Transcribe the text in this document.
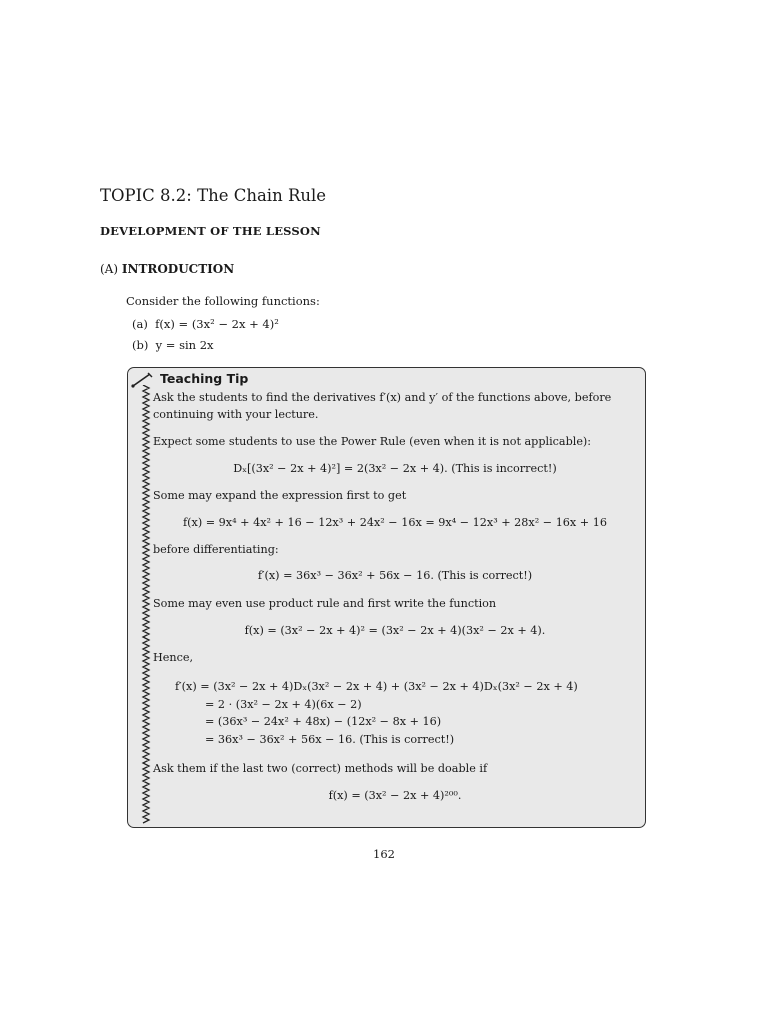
TOPIC 8.2: The Chain Rule
DEVELOPMENT OF THE LESSON
(A) INTRODUCTION
Consider the following functions:
(a) f(x) = (3x² − 2x + 4)²
(b) y = sin 2x
Teaching Tip
Ask the students to find the derivatives f′(x) and y′ of the functions above, before
continuing with your lecture.
Expect some students to use the Power Rule (even when it is not applicable):
Dₓ[(3x² − 2x + 4)²] = 2(3x² − 2x + 4). (This is incorrect!)
Some may expand the expression first to get
f(x) = 9x⁴ + 4x² + 16 − 12x³ + 24x² − 16x = 9x⁴ − 12x³ + 28x² − 16x + 16
before differentiating:
f′(x) = 36x³ − 36x² + 56x − 16. (This is correct!)
Some may even use product rule and first write the function
f(x) = (3x² − 2x + 4)² = (3x² − 2x + 4)(3x² − 2x + 4).
Hence,
f′(x) = (3x² − 2x + 4)Dₓ(3x² − 2x + 4) + (3x² − 2x + 4)Dₓ(3x² − 2x + 4)
= 2 · (3x² − 2x + 4)(6x − 2)
= (36x³ − 24x² + 48x) − (12x² − 8x + 16)
= 36x³ − 36x² + 56x − 16. (This is correct!)
Ask them if the last two (correct) methods will be doable if
f(x) = (3x² − 2x + 4)²⁰⁰.
162
